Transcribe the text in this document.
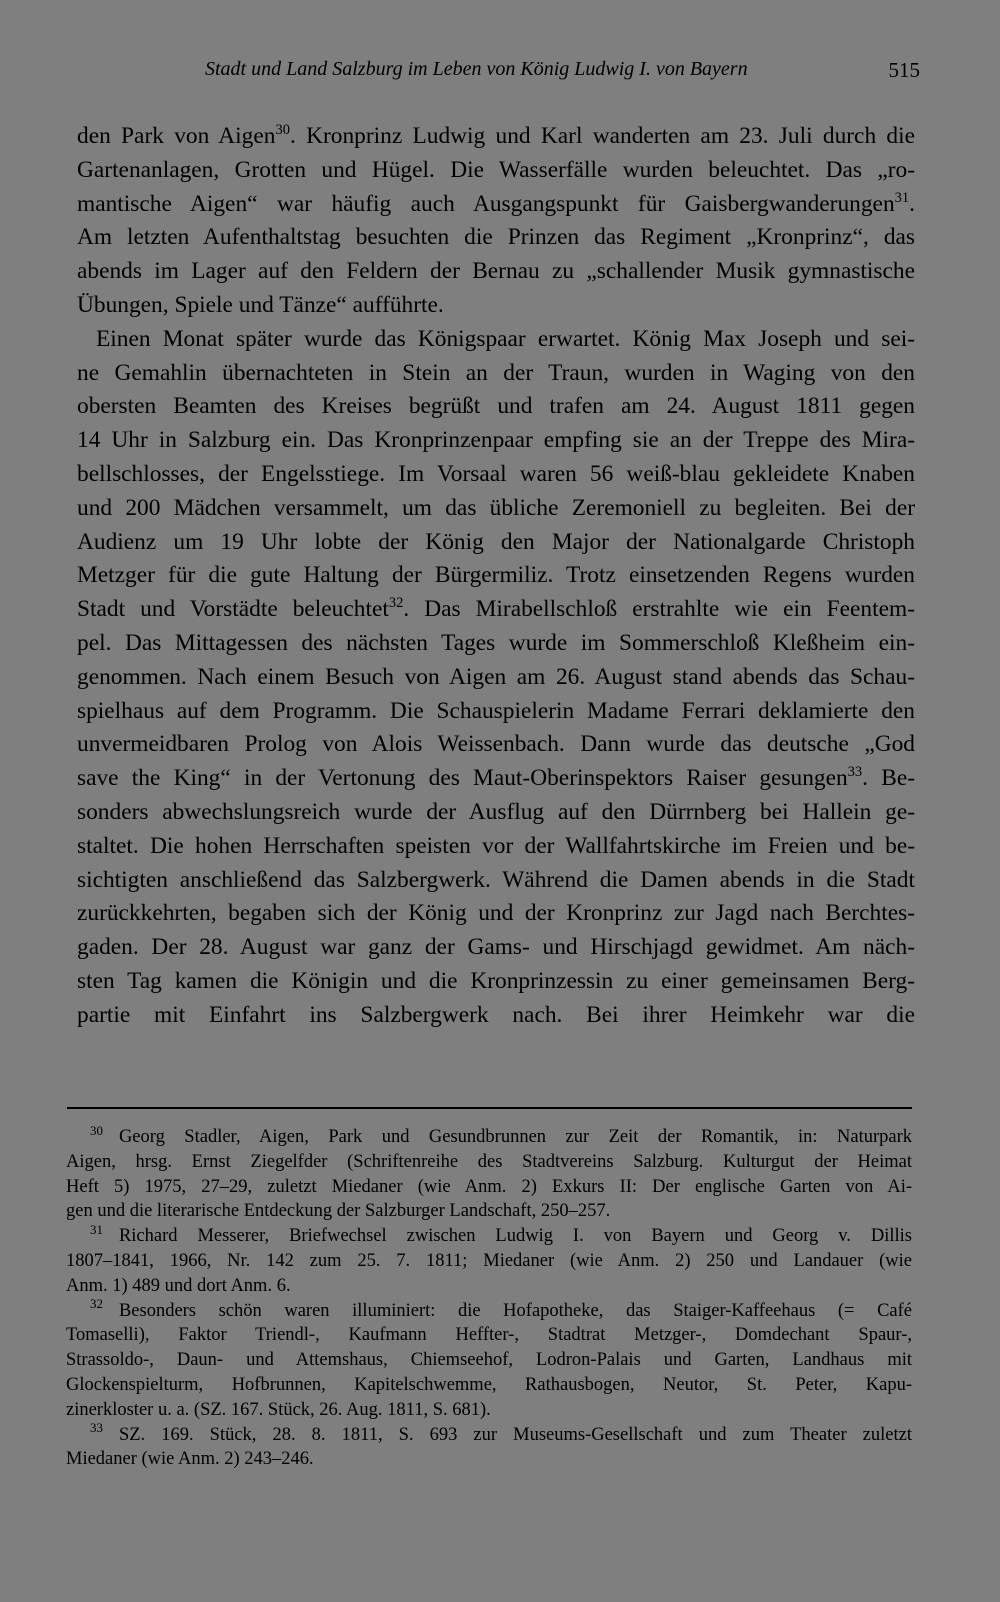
Stadt und Land Salzburg im Leben von König Ludwig I. von Bayern	515
den Park von Aigen$^{30}$. Kronprinz Ludwig und Karl wanderten am 23. Juli durch die
Gartenanlagen, Grotten und Hügel. Die Wasserfälle wurden beleuchtet. Das „ro-
mantische Aigen“ war häufig auch Ausgangspunkt für Gaisbergwanderungen$^{31}$.
Am letzten Aufenthaltstag besuchten die Prinzen das Regiment „Kronprinz“, das
abends im Lager auf den Feldern der Bernau zu „schallender Musik gymnastische
Übungen, Spiele und Tänze“ aufführte.
Einen Monat später wurde das Königspaar erwartet. König Max Joseph und sei-
ne Gemahlin übernachteten in Stein an der Traun, wurden in Waging von den
obersten Beamten des Kreises begrüßt und trafen am 24. August 1811 gegen
14 Uhr in Salzburg ein. Das Kronprinzenpaar empfing sie an der Treppe des Mira-
bellschlosses, der Engelsstiege. Im Vorsaal waren 56 weiß-blau gekleidete Knaben
und 200 Mädchen versammelt, um das übliche Zeremoniell zu begleiten. Bei der
Audienz um 19 Uhr lobte der König den Major der Nationalgarde Christoph
Metzger für die gute Haltung der Bürgermiliz. Trotz einsetzenden Regens wurden
Stadt und Vorstädte beleuchtet$^{32}$. Das Mirabellschloß erstrahlte wie ein Feentem-
pel. Das Mittagessen des nächsten Tages wurde im Sommerschloß Kleßheim ein-
genommen. Nach einem Besuch von Aigen am 26. August stand abends das Schau-
spielhaus auf dem Programm. Die Schauspielerin Madame Ferrari deklamierte den
unvermeidbaren Prolog von Alois Weissenbach. Dann wurde das deutsche „God
save the King“ in der Vertonung des Maut-Oberinspektors Raiser gesungen$^{33}$. Be-
sonders abwechslungsreich wurde der Ausflug auf den Dürrnberg bei Hallein ge-
staltet. Die hohen Herrschaften speisten vor der Wallfahrtskirche im Freien und be-
sichtigten anschließend das Salzbergwerk. Während die Damen abends in die Stadt
zurückkehrten, begaben sich der König und der Kronprinz zur Jagd nach Berchtes-
gaden. Der 28. August war ganz der Gams- und Hirschjagd gewidmet. Am näch-
sten Tag kamen die Königin und die Kronprinzessin zu einer gemeinsamen Berg-
partie mit Einfahrt ins Salzbergwerk nach. Bei ihrer Heimkehr war die
$^{30}$ Georg Stadler, Aigen, Park und Gesundbrunnen zur Zeit der Romantik, in: Naturpark
Aigen, hrsg. Ernst Ziegelfder (Schriftenreihe des Stadtvereins Salzburg. Kulturgut der Heimat
Heft 5) 1975, 27–29, zuletzt Miedaner (wie Anm. 2) Exkurs II: Der englische Garten von Ai-
gen und die literarische Entdeckung der Salzburger Landschaft, 250–257.
$^{31}$ Richard Messerer, Briefwechsel zwischen Ludwig I. von Bayern und Georg v. Dillis
1807–1841, 1966, Nr. 142 zum 25. 7. 1811; Miedaner (wie Anm. 2) 250 und Landauer (wie
Anm. 1) 489 und dort Anm. 6.
$^{32}$ Besonders schön waren illuminiert: die Hofapotheke, das Staiger-Kaffeehaus (= Café
Tomaselli), Faktor Triendl-, Kaufmann Heffter-, Stadtrat Metzger-, Domdechant Spaur-,
Strassoldo-, Daun- und Attemshaus, Chiemseehof, Lodron-Palais und Garten, Landhaus mit
Glockenspielturm, Hofbrunnen, Kapitelschwemme, Rathausbogen, Neutor, St. Peter, Kapu-
zinerkloster u. a. (SZ. 167. Stück, 26. Aug. 1811, S. 681).
$^{33}$ SZ. 169. Stück, 28. 8. 1811, S. 693 zur Museums-Gesellschaft und zum Theater zuletzt
Miedaner (wie Anm. 2) 243–246.
